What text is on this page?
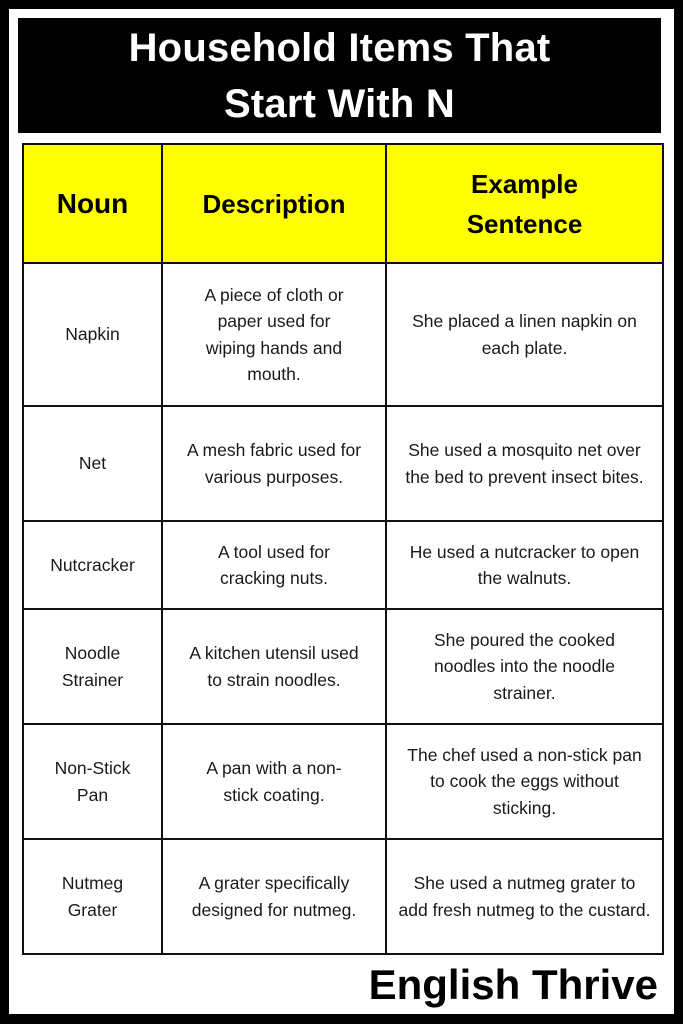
Household Items That
Start With N
Noun	Description	Example Sentence
Napkin	A piece of cloth or paper used for wiping hands and mouth.	She placed a linen napkin on each plate.
Net	A mesh fabric used for various purposes.	She used a mosquito net over the bed to prevent insect bites.
Nutcracker	A tool used for cracking nuts.	He used a nutcracker to open the walnuts.
Noodle Strainer	A kitchen utensil used to strain noodles.	She poured the cooked noodles into the noodle strainer.
Non-Stick Pan	A pan with a non-stick coating.	The chef used a non-stick pan to cook the eggs without sticking.
Nutmeg Grater	A grater specifically designed for nutmeg.	She used a nutmeg grater to add fresh nutmeg to the custard.
English Thrive
